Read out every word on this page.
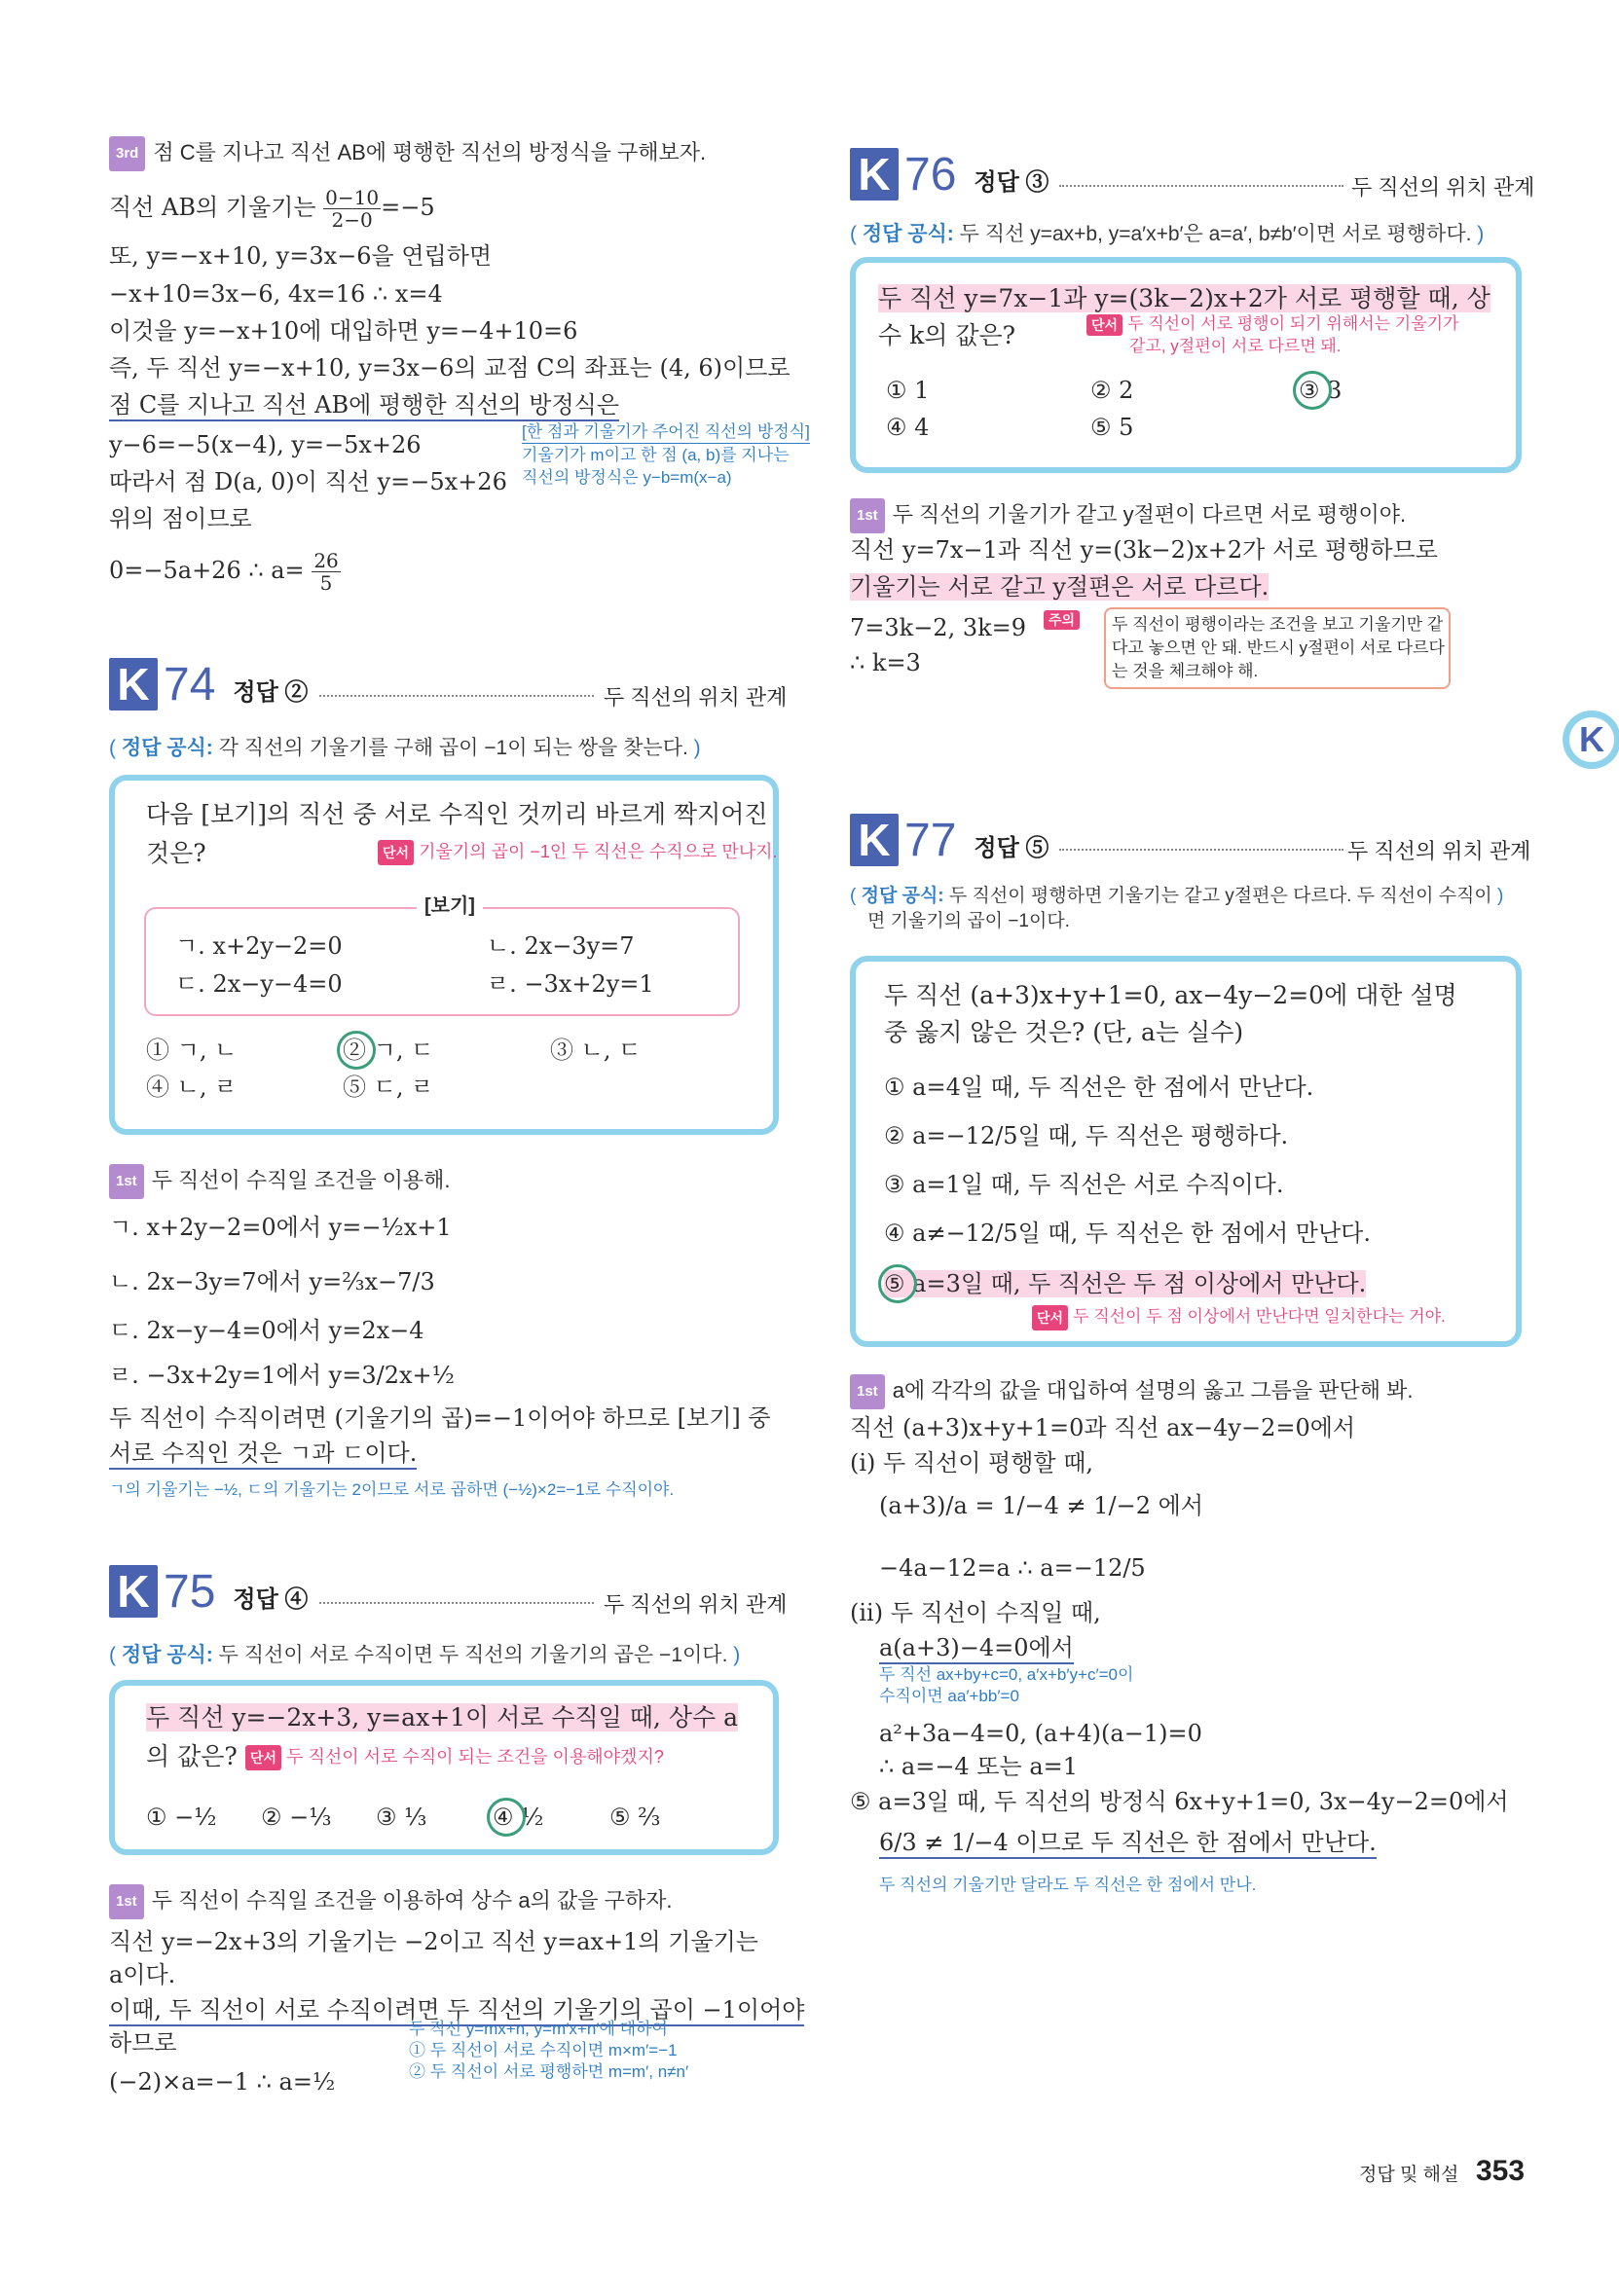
3rd 점 C를 지나고 직선 AB에 평행한 직선의 방정식을 구해보자.
직선 AB의 기울기는 $\frac{0-10}{2-0} =-5$
또, y=−x+10, y=3x−6을 연립하면
−x+10=3x−6, 4x=16 ∴ x=4
이것을 y=−x+10에 대입하면 y=−4+10=6
즉, 두 직선 y=−x+10, y=3x−6의 교점 C의 좌표는 (4, 6)이므로
점 C를 지나고 직선 AB에 평행한 직선의 방정식은
y−6=−5(x−4), y=−5x+26
따라서 점 D(a, 0)이 직선 y=−5x+26
위의 점이므로
0=−5a+26 ∴ $a= \frac{26}{5}$
[한 점과 기울기가 주어진 직선의 방정식]
기울기가 m이고 한 점 (a, b)를 지나는
직선의 방정식은 y−b=m(x−a)
K 74 정답 ②	두 직선의 위치 관계
( 정답 공식: 각 직선의 기울기를 구해 곱이 −1이 되는 쌍을 찾는다. )
다음 [보기]의 직선 중 서로 수직인 것끼리 바르게 짝지어진
것은?	단서 기울기의 곱이 −1인 두 직선은 수직으로 만나지.
[보기]
ㄱ. x+2y−2=0	ㄴ. 2x−3y=7
ㄷ. 2x−y−4=0	ㄹ. −3x+2y=1
① ㄱ, ㄴ	② ㄱ, ㄷ	③ ㄴ, ㄷ
④ ㄴ, ㄹ	⑤ ㄷ, ㄹ
1st 두 직선이 수직일 조건을 이용해.
ㄱ. x+2y−2=0에서 y=−½x+1
ㄴ. 2x−3y=7에서 y=⅔x−7/3
ㄷ. 2x−y−4=0에서 y=2x−4
ㄹ. −3x+2y=1에서 y=3/2x+½
두 직선이 수직이려면 (기울기의 곱)=−1이어야 하므로 [보기] 중
서로 수직인 것은 ㄱ과 ㄷ이다.
ㄱ의 기울기는 −½, ㄷ의 기울기는 2이므로 서로 곱하면 (−½)×2=−1로 수직이야.
K 75 정답 ④	두 직선의 위치 관계
( 정답 공식: 두 직선이 서로 수직이면 두 직선의 기울기의 곱은 −1이다. )
두 직선 y=−2x+3, y=ax+1이 서로 수직일 때, 상수 a
의 값은? 단서 두 직선이 서로 수직이 되는 조건을 이용해야겠지?
① −½ ② −⅓ ③ ⅓	④ ½	⑤ ⅔
1st 두 직선이 수직일 조건을 이용하여 상수 a의 값을 구하자.
직선 y=−2x+3의 기울기는 −2이고 직선 y=ax+1의 기울기는
a이다.
이때, 두 직선이 서로 수직이려면 두 직선의 기울기의 곱이 −1이어야
하므로
(−2)×a=−1 ∴ a=½
두 직선 y=mx+n, y=m′x+n′에 대하여
① 두 직선이 서로 수직이면 m×m′=−1
② 두 직선이 서로 평행하면 m=m′, n≠n′
K 76 정답 ③	두 직선의 위치 관계
( 정답 공식: 두 직선 y=ax+b, y=a′x+b′은 a=a′, b≠b′이면 서로 평행하다. )
두 직선 y=7x−1과 y=(3k−2)x+2가 서로 평행할 때, 상
수 k의 값은?	단서 두 직선이 서로 평행이 되기 위해서는 기울기가
같고, y절편이 서로 다르면 돼.
① 1	② 2	③ 3
④ 4	⑤ 5
1st 두 직선의 기울기가 같고 y절편이 다르면 서로 평행이야.
직선 y=7x−1과 직선 y=(3k−2)x+2가 서로 평행하므로
기울기는 서로 같고 y절편은 서로 다르다.
7=3k−2, 3k=9
∴ k=3
주의	두 직선이 평행이라는 조건을 보고 기울기만 같
다고 놓으면 안 돼. 반드시 y절편이 서로 다르다
는 것을 체크해야 해.
K
K 77 정답 ⑤	두 직선의 위치 관계
( 정답 공식: 두 직선이 평행하면 기울기는 같고 y절편은 다르다. 두 직선이 수직이 )
면 기울기의 곱이 −1이다.
두 직선 (a+3)x+y+1=0, ax−4y−2=0에 대한 설명
중 옳지 않은 것은? (단, a는 실수)
① a=4일 때, 두 직선은 한 점에서 만난다.
② a=−12/5일 때, 두 직선은 평행하다.
③ a=1일 때, 두 직선은 서로 수직이다.
④ a≠−12/5일 때, 두 직선은 한 점에서 만난다.
⑤ a=3일 때, 두 직선은 두 점 이상에서 만난다.
단서 두 직선이 두 점 이상에서 만난다면 일치한다는 거야.
1st a에 각각의 값을 대입하여 설명의 옳고 그름을 판단해 봐.
직선 (a+3)x+y+1=0과 직선 ax−4y−2=0에서
(i) 두 직선이 평행할 때,
(a+3)/a = 1/−4 ≠ 1/−2 에서
−4a−12=a ∴ a=−12/5
(ii) 두 직선이 수직일 때,
a(a+3)−4=0에서
두 직선 ax+by+c=0, a′x+b′y+c′=0이
수직이면 aa′+bb′=0
a²+3a−4=0, (a+4)(a−1)=0
∴ a=−4 또는 a=1
⑤ a=3일 때, 두 직선의 방정식 6x+y+1=0, 3x−4y−2=0에서
6/3 ≠ 1/−4 이므로 두 직선은 한 점에서 만난다.
두 직선의 기울기만 달라도 두 직선은 한 점에서 만나.
정답 및 해설 353
